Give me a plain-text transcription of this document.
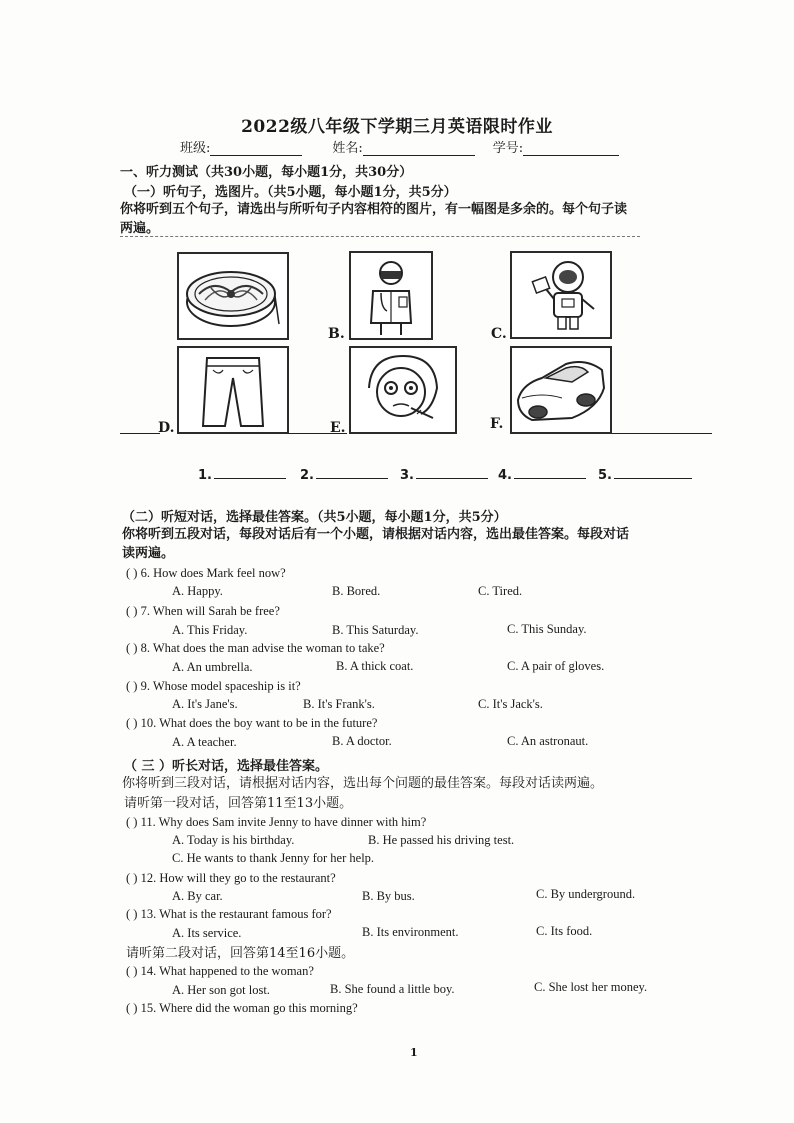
2022级八年级下学期三月英语限时作业
班级:	姓名:	学号:
一、听力测试（共30小题，每小题1分，共30分）
（一）听句子，选图片。（共5小题，每小题1分，共5分）
你将听到五个句子，请选出与所听句子内容相符的图片，有一幅图是多余的。每个句子读
两遍。
B.	C.
D.	E.	F.
1.	2.	3.	4.	5.
（二）听短对话，选择最佳答案。（共5小题，每小题1分，共5分）
你将听到五段对话，每段对话后有一个小题，请根据对话内容，选出最佳答案。每段对话
读两遍。
( ) 6. How does Mark feel now?
A. Happy.	B. Bored.	C. Tired.
( ) 7. When will Sarah be free?
A. This Friday.	B. This Saturday.	C. This Sunday.
( ) 8. What does the man advise the woman to take?
A. An umbrella.	B. A thick coat.	C. A pair of gloves.
( ) 9. Whose model spaceship is it?
A. It's Jane's.	B. It's Frank's.	C. It's Jack's.
( ) 10. What does the boy want to be in the future?
A. A teacher.	B. A doctor.	C. An astronaut.
（ 三 ）听长对话，选择最佳答案。
你将听到三段对话，请根据对话内容，选出每个问题的最佳答案。每段对话读两遍。
请听第一段对话，回答第11至13小题。
( ) 11. Why does Sam invite Jenny to have dinner with him?
A. Today is his birthday.	B. He passed his driving test.
C. He wants to thank Jenny for her help.
( ) 12. How will they go to the restaurant?
A. By car.	B. By bus.	C. By underground.
( ) 13. What is the restaurant famous for?
A. Its service.	B. Its environment.	C. Its food.
请听第二段对话，回答第14至16小题。
( ) 14. What happened to the woman?
A. Her son got lost.	B. She found a little boy.	C. She lost her money.
( ) 15. Where did the woman go this morning?
1
